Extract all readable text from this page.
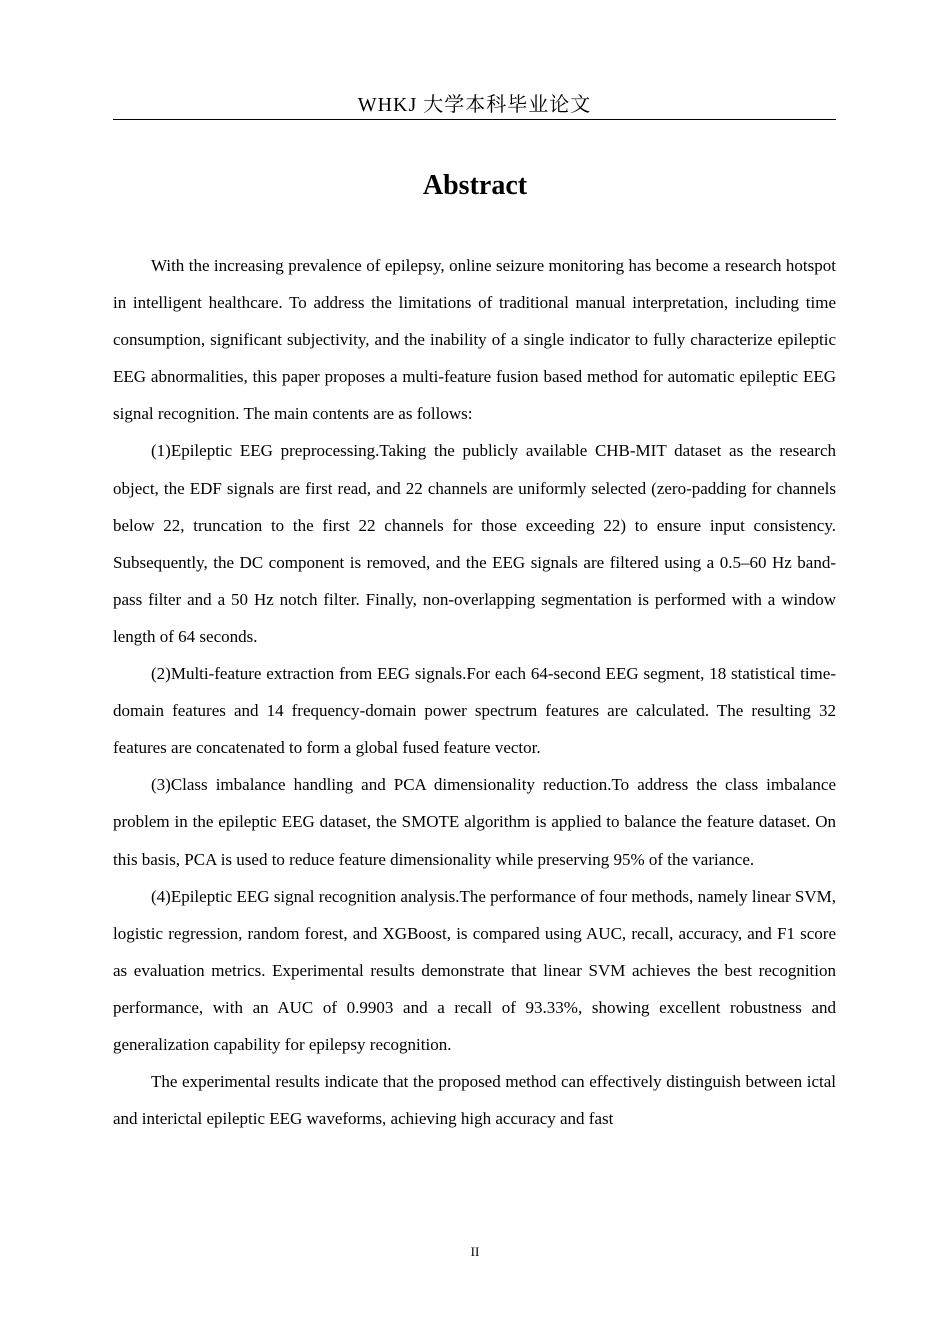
WHKJ 大学本科毕业论文
Abstract

With the increasing prevalence of epilepsy, online seizure monitoring has become a research hotspot in intelligent healthcare. To address the limitations of traditional manual interpretation, including time consumption, significant subjectivity, and the inability of a single indicator to fully characterize epileptic EEG abnormalities, this paper proposes a multi-feature fusion based method for automatic epileptic EEG signal recognition. The main contents are as follows:

(1)Epileptic EEG preprocessing.Taking the publicly available CHB-MIT dataset as the research object, the EDF signals are first read, and 22 channels are uniformly selected (zero-padding for channels below 22, truncation to the first 22 channels for those exceeding 22) to ensure input consistency. Subsequently, the DC component is removed, and the EEG signals are filtered using a 0.5–60 Hz band-pass filter and a 50 Hz notch filter. Finally, non-overlapping segmentation is performed with a window length of 64 seconds.

(2)Multi-feature extraction from EEG signals.For each 64-second EEG segment, 18 statistical time-domain features and 14 frequency-domain power spectrum features are calculated. The resulting 32 features are concatenated to form a global fused feature vector.

(3)Class imbalance handling and PCA dimensionality reduction.To address the class imbalance problem in the epileptic EEG dataset, the SMOTE algorithm is applied to balance the feature dataset. On this basis, PCA is used to reduce feature dimensionality while preserving 95% of the variance.

(4)Epileptic EEG signal recognition analysis.The performance of four methods, namely linear SVM, logistic regression, random forest, and XGBoost, is compared using AUC, recall, accuracy, and F1 score as evaluation metrics. Experimental results demonstrate that linear SVM achieves the best recognition performance, with an AUC of 0.9903 and a recall of 93.33%, showing excellent robustness and generalization capability for epilepsy recognition.

The experimental results indicate that the proposed method can effectively distinguish between ictal and interictal epileptic EEG waveforms, achieving high accuracy and fast

II
